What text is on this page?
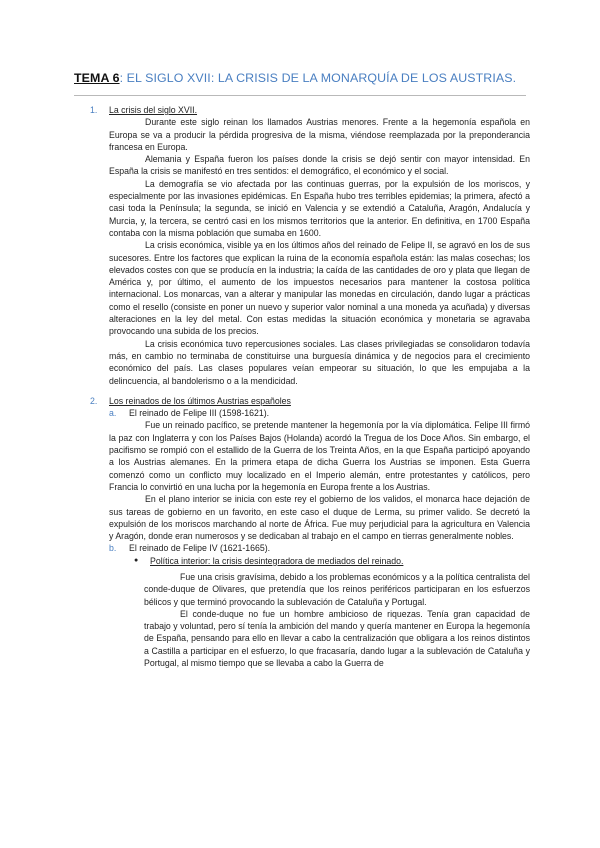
TEMA 6: EL SIGLO XVII: LA CRISIS DE LA MONARQUÍA DE LOS AUSTRIAS.
1.	La crisis del siglo XVII.
Durante este siglo reinan los llamados Austrias menores. Frente a la hegemonía española en Europa se va a producir la pérdida progresiva de la misma, viéndose reemplazada por la preponderancia francesa en Europa.
Alemania y España fueron los países donde la crisis se dejó sentir con mayor intensidad. En España la crisis se manifestó en tres sentidos: el demográfico, el económico y el social.
La demografía se vio afectada por las continuas guerras, por la expulsión de los moriscos, y especialmente por las invasiones epidémicas. En España hubo tres terribles epidemias; la primera, afectó a casi toda la Península; la segunda, se inició en Valencia y se extendió a Cataluña, Aragón, Andalucía y Murcia, y, la tercera, se centró casi en los mismos territorios que la anterior. En definitiva, en 1700 España contaba con la misma población que sumaba en 1600.
La crisis económica, visible ya en los últimos años del reinado de Felipe II, se agravó en los de sus sucesores. Entre los factores que explican la ruina de la economía española están: las malas cosechas; los elevados costes con que se producía en la industria; la caída de las cantidades de oro y plata que llegan de América y, por último, el aumento de los impuestos necesarios para mantener la costosa política internacional. Los monarcas, van a alterar y manipular las monedas en circulación, dando lugar a prácticas como el resello (consiste en poner un nuevo y superior valor nominal a una moneda ya acuñada) y diversas alteraciones en la ley del metal. Con estas medidas la situación económica y monetaria se agravaba provocando una subida de los precios.
La crisis económica tuvo repercusiones sociales. Las clases privilegiadas se consolidaron todavía más, en cambio no terminaba de constituirse una burguesía dinámica y de negocios para el crecimiento económico del país. Las clases populares veían empeorar su situación, lo que les empujaba a la delincuencia, al bandolerismo o a la mendicidad.
2.	Los reinados de los últimos Austrias españoles
a.	El reinado de Felipe III (1598-1621).
Fue un reinado pacífico, se pretende mantener la hegemonía por la vía diplomática. Felipe III firmó la paz con Inglaterra y con los Países Bajos (Holanda) acordó la Tregua de los Doce Años. Sin embargo, el pacifismo se rompió con el estallido de la Guerra de los Treinta Años, en la que España participó apoyando a los Austrias alemanes. En la primera etapa de dicha Guerra los Austrias se imponen. Esta Guerra comenzó como un conflicto muy localizado en el Imperio alemán, entre protestantes y católicos, pero Francia lo convirtió en una lucha por la hegemonía en Europa frente a los Austrias.
En el plano interior se inicia con este rey el gobierno de los validos, el monarca hace dejación de sus tareas de gobierno en un favorito, en este caso el duque de Lerma, su primer valido. Se decretó la expulsión de los moriscos marchando al norte de África. Fue muy perjudicial para la agricultura en Valencia y Aragón, donde eran numerosos y se dedicaban al trabajo en el campo en tierras generalmente nobles.
b.	El reinado de Felipe IV (1621-1665).
●	Política interior: la crisis desintegradora de mediados del reinado.
Fue una crisis gravísima, debido a los problemas económicos y a la política centralista del conde-duque de Olivares, que pretendía que los reinos periféricos participaran en los esfuerzos bélicos y que terminó provocando la sublevación de Cataluña y Portugal.
El conde-duque no fue un hombre ambicioso de riquezas. Tenía gran capacidad de trabajo y voluntad, pero sí tenía la ambición del mando y quería mantener en Europa la hegemonía de España, pensando para ello en llevar a cabo la centralización que obligara a los reinos distintos a Castilla a participar en el esfuerzo, lo que fracasaría, dando lugar a la sublevación de Cataluña y Portugal, al mismo tiempo que se llevaba a cabo la Guerra de
